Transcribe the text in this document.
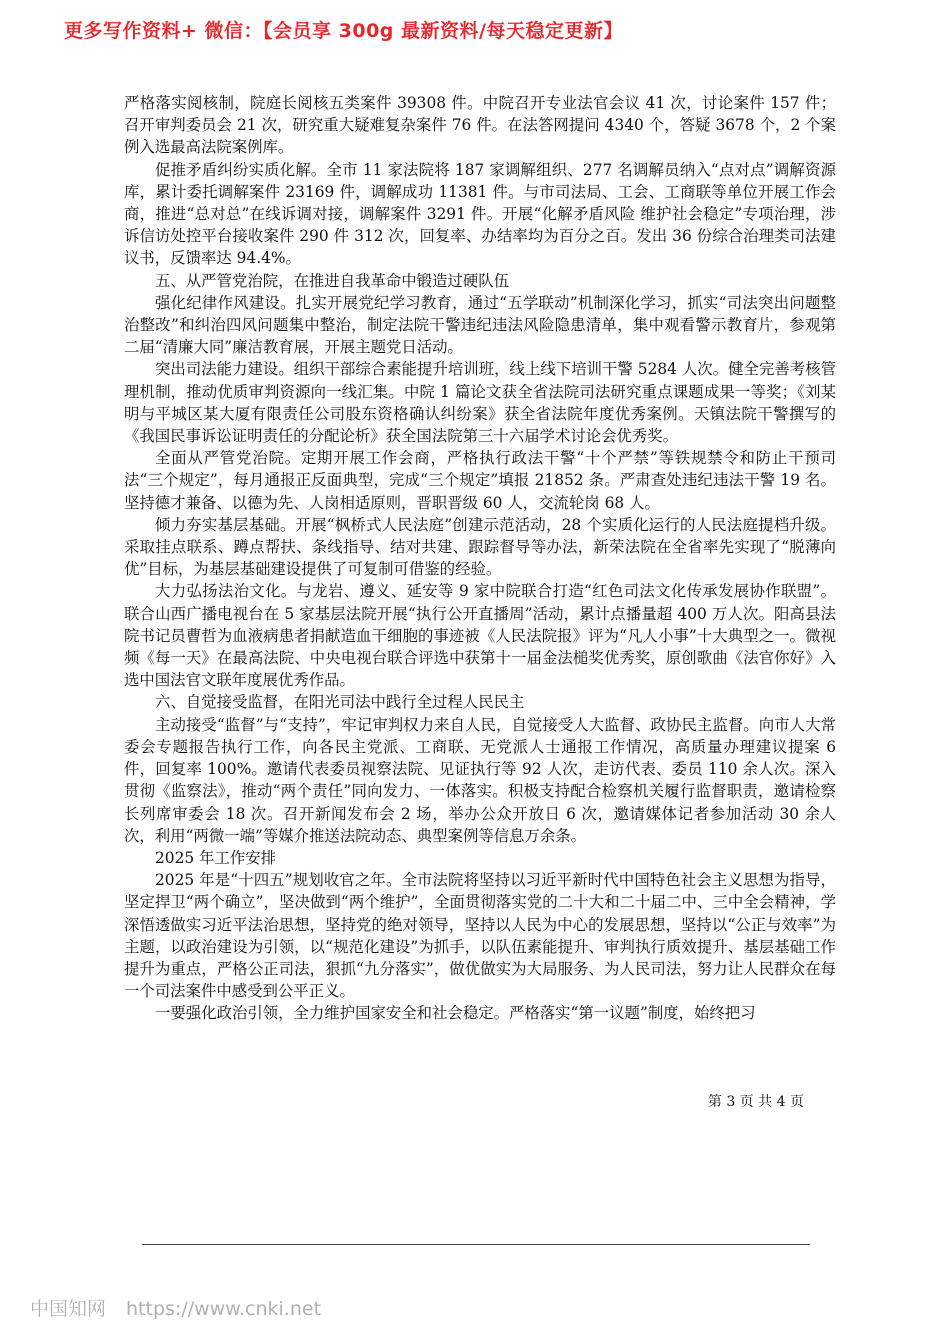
更多写作资料+ 微信：【会员享 300g 最新资料/每天稳定更新】

严格落实阅核制，院庭长阅核五类案件 39308 件。中院召开专业法官会议 41 次，讨论案件 157 件；召开审判委员会 21 次，研究重大疑难复杂案件 76 件。在法答网提问 4340 个，答疑 3678 个，2 个案例入选最高法院案例库。

促推矛盾纠纷实质化解。全市 11 家法院将 187 家调解组织、277 名调解员纳入“点对点”调解资源库，累计委托调解案件 23169 件，调解成功 11381 件。与市司法局、工会、工商联等单位开展工作会商，推进“总对总”在线诉调对接，调解案件 3291 件。开展“化解矛盾风险 维护社会稳定”专项治理，涉诉信访处控平台接收案件 290 件 312 次，回复率、办结率均为百分之百。发出 36 份综合治理类司法建议书，反馈率达 94.4%。

五、从严管党治院，在推进自我革命中锻造过硬队伍

强化纪律作风建设。扎实开展党纪学习教育，通过“五学联动”机制深化学习，抓实“司法突出问题整治整改”和纠治四风问题集中整治，制定法院干警违纪违法风险隐患清单，集中观看警示教育片，参观第二届“清廉大同”廉洁教育展，开展主题党日活动。

突出司法能力建设。组织干部综合素能提升培训班，线上线下培训干警 5284 人次。健全完善考核管理机制，推动优质审判资源向一线汇集。中院 1 篇论文获全省法院司法研究重点课题成果一等奖；《刘某明与平城区某大厦有限责任公司股东资格确认纠纷案》获全省法院年度优秀案例。天镇法院干警撰写的《我国民事诉讼证明责任的分配论析》获全国法院第三十六届学术讨论会优秀奖。

全面从严管党治院。定期开展工作会商，严格执行政法干警“十个严禁”等铁规禁令和防止干预司法“三个规定”，每月通报正反面典型，完成“三个规定”填报 21852 条。严肃查处违纪违法干警 19 名。坚持德才兼备、以德为先、人岗相适原则，晋职晋级 60 人，交流轮岗 68 人。

倾力夯实基层基础。开展“枫桥式人民法庭”创建示范活动，28 个实质化运行的人民法庭提档升级。采取挂点联系、蹲点帮扶、条线指导、结对共建、跟踪督导等办法，新荣法院在全省率先实现了“脱薄向优”目标，为基层基础建设提供了可复制可借鉴的经验。

大力弘扬法治文化。与龙岩、遵义、延安等 9 家中院联合打造“红色司法文化传承发展协作联盟”。联合山西广播电视台在 5 家基层法院开展“执行公开直播周”活动，累计点播量超 400 万人次。阳高县法院书记员曹哲为血液病患者捐献造血干细胞的事迹被《人民法院报》评为“凡人小事”十大典型之一。微视频《每一天》在最高法院、中央电视台联合评选中获第十一届金法槌奖优秀奖，原创歌曲《法官你好》入选中国法官文联年度展优秀作品。

六、自觉接受监督，在阳光司法中践行全过程人民民主

主动接受“监督”与“支持”，牢记审判权力来自人民，自觉接受人大监督、政协民主监督。向市人大常委会专题报告执行工作，向各民主党派、工商联、无党派人士通报工作情况，高质量办理建议提案 6 件，回复率 100%。邀请代表委员视察法院、见证执行等 92 人次，走访代表、委员 110 余人次。深入贯彻《监察法》，推动“两个责任”同向发力、一体落实。积极支持配合检察机关履行监督职责，邀请检察长列席审委会 18 次。召开新闻发布会 2 场，举办公众开放日 6 次，邀请媒体记者参加活动 30 余人次，利用“两微一端”等媒介推送法院动态、典型案例等信息万余条。

2025 年工作安排

2025 年是“十四五”规划收官之年。全市法院将坚持以习近平新时代中国特色社会主义思想为指导，坚定捍卫“两个确立”，坚决做到“两个维护”，全面贯彻落实党的二十大和二十届二中、三中全会精神，学深悟透做实习近平法治思想，坚持党的绝对领导，坚持以人民为中心的发展思想，坚持以“公正与效率”为主题，以政治建设为引领，以“规范化建设”为抓手，以队伍素能提升、审判执行质效提升、基层基础工作提升为重点，严格公正司法，狠抓“九分落实”，做优做实为大局服务、为人民司法，努力让人民群众在每一个司法案件中感受到公平正义。

一要强化政治引领，全力维护国家安全和社会稳定。严格落实“第一议题”制度，始终把习

第 3 页 共 4 页
中国知网 https://www.cnki.net
